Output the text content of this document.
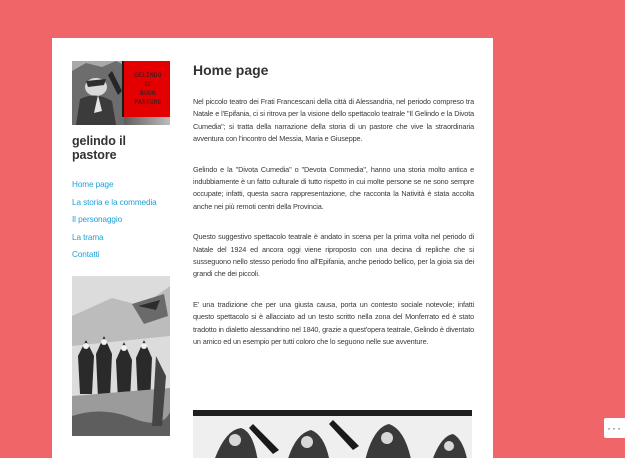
GELINDO
IL
BUON
PASTORE
gelindo il pastore
Home page
La storia e la commedia
Il personaggio
La trama
Contatti
Home page

Nel piccolo teatro dei Frati Francescani della città di Alessandria, nel periodo compreso tra Natale e l'Epifania, ci si ritrova per la visione dello spettacolo teatrale "Il Gelindo e la Divota Cumedia"; si tratta della narrazione della storia di un pastore che vive la straordinaria avventura con l'incontro del Messia, Maria e Giuseppe.

Gelindo e la "Divota Cumedia" o "Devota Commedia", hanno una storia molto antica e indubbiamente è un fatto culturale di tutto rispetto in cui molte persone se ne sono sempre occupate; infatti, questa sacra rappresentazione, che racconta la Natività è stata accolta anche nei più remoti centri della Provincia.

Questo suggestivo spettacolo teatrale è andato in scena per la prima volta nel periodo di Natale del 1924 ed ancora oggi viene riproposto con una decina di repliche che si susseguono nello stesso periodo fino all'Epifania, anche periodo bellico, per la gioia sia dei grandi che dei piccoli.

E' una tradizione che per una giusta causa, porta un contesto sociale notevole; infatti questo spettacolo si è allacciato ad un testo scritto nella zona del Monferrato ed è stato tradotto in dialetto alessandrino nel 1840, grazie a quest'opera teatrale, Gelindo è diventato un amico ed un esempio per tutti coloro che lo seguono nelle sue avventure.

···
